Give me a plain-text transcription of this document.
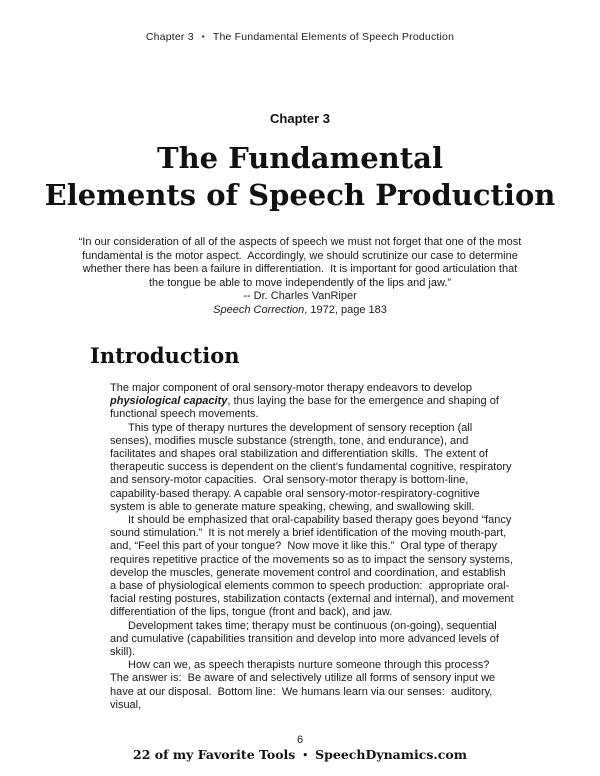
Chapter 3 ▪ The Fundamental Elements of Speech Production
Chapter 3
The Fundamental
Elements of Speech Production
“In our consideration of all of the aspects of speech we must not forget that one of the most fundamental is the motor aspect.  Accordingly, we should scrutinize our case to determine whether there has been a failure in differentiation.  It is important for good articulation that the tongue be able to move independently of the lips and jaw.”
-- Dr. Charles VanRiper
Speech Correction, 1972, page 183
Introduction

The major component of oral sensory-motor therapy endeavors to develop physiological capacity, thus laying the base for the emergence and shaping of functional speech movements.

This type of therapy nurtures the development of sensory reception (all senses), modifies muscle substance (strength, tone, and endurance), and facilitates and shapes oral stabilization and differentiation skills.  The extent of therapeutic success is dependent on the client’s fundamental cognitive, respiratory and sensory-motor capacities.  Oral sensory-motor therapy is bottom-line, capability-based therapy. A capable oral sensory-motor-respiratory-cognitive system is able to generate mature speaking, chewing, and swallowing skill.

It should be emphasized that oral-capability based therapy goes beyond “fancy sound stimulation.”  It is not merely a brief identification of the moving mouth-part, and, “Feel this part of your tongue?  Now move it like this.”  Oral type of therapy requires repetitive practice of the movements so as to impact the sensory systems, develop the muscles, generate movement control and coordination, and establish a base of physiological elements common to speech production:  appropriate oral-facial resting postures, stabilization contacts (external and internal), and movement differentiation of the lips, tongue (front and back), and jaw.

Development takes time; therapy must be continuous (on-going), sequential and cumulative (capabilities transition and develop into more advanced levels of skill).

How can we, as speech therapists nurture someone through this process?  The answer is:  Be aware of and selectively utilize all forms of sensory input we have at our disposal.  Bottom line:  We humans learn via our senses:  auditory, visual,

6
22 of my Favorite Tools • SpeechDynamics.com
